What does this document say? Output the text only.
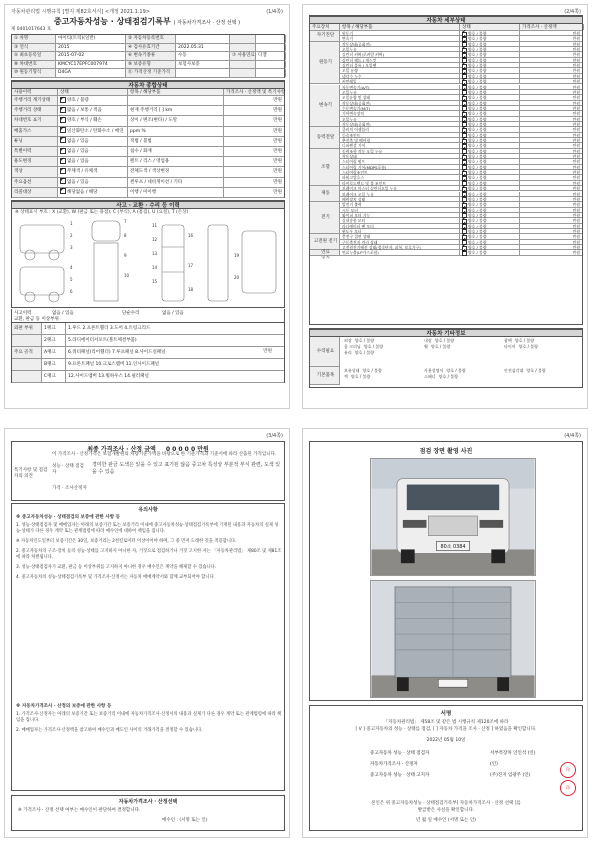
자동차관리법 시행규칙 [별지 제82호서식] <개정 2021.1.19>	(1/4쪽)
중고자동차성능 · 상태점검기록부 ( 자동차가격조사 · 산정 선택 )
제 0401017643 호
① 차명	마이티(트럭)(일반)	② 자동차등록번호
③ 연식	2015	④ 검사유효기간	2022.05.31
⑤ 최초등록일	2015-07-02	⑥ 변속기종류	수동	⑦ 사용연료 디젤
⑧ 차대번호	KMCYC17EPFC007974	⑨ 보증유형	보험사보증
⑩ 원동기형식	D4GA	⑪ 가격산정 기준가격
자동차 종합상태
사용이력	상태	항목 / 해당부품	가격조사 · 산정액 및 특기사항
주행거리 계기상태 ✔	양호 / 불량	만원
주행거리 상태 ✔	많음 / 보통 / 적음	현재 주행거리 [ ] km	만원
차대번호 표기 ✔	양호 / 부식 / 훼손	상이 / 변조(변타) / 도말	만원
배출가스 ✔	일산화탄소 / 탄화수소 / 매연	ppm %	만원
튜닝 ✔	없음 / 있음	적법 / 불법	만원
특별이력 ✔	없음 / 있음	침수 / 화재	만원
용도변경 ✔	없음 / 있음	렌트 / 리스 / 영업용	만원
색상 ✔	무채색 / 유채색	전체도색 / 색상변경	만원
주요옵션 ✔	없음 / 있음	썬루프 / 네비게이션 / 기타	만원
리콜대상 ✔	해당없음 / 해당	이행 / 미이행	만원
사고 · 교환 · 수리 등 이력
※ 상태표시 부호 : X (교환), W (판금 또는 용접), C (부식), A (흠집), U (요철), T (손상)
1
2
3
4
5
6
7
8
9
10
11
12
13
14
15
16
17
18
19
20
사고이력	없음 / 있음	단순수리	없음 / 있음
교환, 판금 등 이상부위
외판 부위	1랭크	1.후드 2.프론트휀더 3.도어 4.트렁크리드
2랭크	5.라디에이터서포트(볼트체결부품)
주요 골격	A랭크	6.쿼터패널(리어휀더) 7.루프패널 8.사이드실패널
B랭크	9.프론트패널 10.크로스멤버 11.인사이드패널
C랭크	12.사이드멤버 13.휠하우스 14.필러패널
만원
(2/4쪽)
자동차 세부상태
주요장치	항목 / 해당부품	상태	가격조사 · 산정액
자기진단	원동기 ✔	양호 / 불량	만원
변속기 ✔	양호 / 불량	만원
원동기
작동상태(공회전) ✔	양호 / 불량	만원
오일누유 ✔	양호 / 불량	만원
실린더 커버(로커암 커버) ✔	양호 / 불량	만원
실린더 헤드 / 개스킷 ✔	양호 / 불량	만원
실린더 블록 / 오일팬 ✔	양호 / 불량	만원
오일 유량 ✔	양호 / 불량	만원
냉각수 누수 ✔	양호 / 불량	만원
커먼레일 ✔	양호 / 불량	만원
변속기
자동변속기(A/T) ✔	양호 / 불량	만원
오일누유 ✔	양호 / 불량	만원
오일유량 및 상태 ✔	양호 / 불량	만원
작동상태(공회전) ✔	양호 / 불량	만원
수동변속기(M/T) ✔	양호 / 불량	만원
기어변속장치 ✔	양호 / 불량	만원
오일누유 ✔	양호 / 불량	만원
작동상태(공회전) ✔	양호 / 불량	만원
동력전달
클러치 어셈블리 ✔	양호 / 불량	만원
등속조인트 ✔	양호 / 불량	만원
추진축 및 베어링 ✔	양호 / 불량	만원
디퍼렌셜 기어 ✔	양호 / 불량	만원
조향
동력조향 작동 오일 누유 ✔	양호 / 불량	만원
작동상태 ✔	양호 / 불량	만원
스티어링 펌프 ✔	양호 / 불량	만원
스티어링 기어(MDPS포함) ✔	양호 / 불량	만원
스티어링조인트 ✔	양호 / 불량	만원
파워고압호스 ✔	양호 / 불량	만원
타이로드엔드 및 볼 조인트 ✔	양호 / 불량	만원
제동
브레이크 마스터 실린더오일 누유 ✔	양호 / 불량	만원
브레이크 오일 누유 ✔	양호 / 불량	만원
배력장치 상태 ✔	양호 / 불량	만원
전기
발전기 출력 ✔	양호 / 불량	만원
시동 모터 ✔	양호 / 불량	만원
와이퍼 모터 기능 ✔	양호 / 불량	만원
실내송풍 모터 ✔	양호 / 불량	만원
라디에이터 팬 모터 ✔	양호 / 불량	만원
윈도우 모터 ✔	양호 / 불량	만원
고전원 전기장치
충전구 절연 상태 ✔	양호 / 불량	만원
구동축전지 격리 상태 ✔	양호 / 불량	만원
고전원전기배선 상태(접속단자, 피복, 보호기구) ✔	양호 / 불량	만원
연료	연료누출(LP가스포함) ✔	양호 / 불량	만원
자동차 기타정보
수리필요
외장 양호 / 불량	내장 양호 / 불량	광택 양호 / 불량
룸 크리닝 양호 / 불량	휠 양호 / 불량	타이어 양호 / 불량
유리 양호 / 불량
기본품목
보유상태 양호 / 불량	사용설명서 양호 / 불량	안전삼각대 양호 / 불량
잭 양호 / 불량	스패너 양호 / 불량
(3/4쪽)
최종 가격조사 · 산정 금액 0 0 0 0 0 만원
이 가격조사 · 산정가격은 보험개발원의 차량기준가액을 바탕으로 한 기준가격과 기준서에 따라 산출된 가격입니다.
특기사항 및 점검자의 의견
성능 · 상태 점검자
경미한 판금 도색은 있을 수 있고 표기된 않음 중고차 특성상 부분적 부식 관련, 도색 있을 수 있음
가격 · 조사산정자
유의사항
※ 중고자동차성능 · 상태점검의 보증에 관한 사항 등
1. 성능·상태점검자 및 매매업자는 아래의 보증기간 또는 보증거리 이내에 중고자동차성능·상태점검기록부에 기재된 내용과 자동차의 실제 성능·상태가 다른 경우 계약 또는 관계법령에 따라 매수인에 대하여 책임을 집니다.
※ 자동차인도일부터 보증기간은 30일, 보증거리는 2천킬로미터 이상이어야 하며, 그 중 먼저 도래한 것을 적용합니다.
2. 중고자동차의 구조·장치 등의 성능·상태를 고지하지 아니한 자, 거짓으로 점검하거나 거짓 고지한 자는 「자동차관리법」 제80조 및 제81조에 따라 처벌됩니다.
3. 성능·상태점검자가 교환, 판금 등 이상부위를 고지하지 아니한 경우 매수인은 계약을 해제할 수 있습니다.
4. 중고자동차의 성능·상태점검기록부 및 가격조사·산정서는 자동차 매매계약서와 함께 교부되어야 합니다.
※ 자동차가격조사 · 산정의 보증에 관한 사항 등
1. 가격조사·산정자는 아래의 보증기간 또는 보증거리 이내에 자동차가격조사·산정서의 내용과 실제가 다른 경우 계약 또는 관계법령에 따라 책임을 집니다.
2. 매매업자는 가격조사·산정액을 참고하여 매수인과 매도인 사이의 거래가격을 결정할 수 있습니다.
자동차가격조사 · 산정선택
※ 가격조사 · 산정 선택 여부는 매수인이 판단하여 결정합니다.
매수인 : (서명 또는 인)
(4/4쪽)
점검 장면 촬영 사진
80소 0384
서명
「자동차관리법」 제58조 및 같은 법 시행규칙 제120조에 따라
[ V ] 중고자동차의 성능 · 상태를 점검, [ ] 자동차 가격을 조사 · 산정 ] 하였음을 확인합니다.
2022년 05월 10일
중고자동차 성능 · 상태 점검자	서부특장차 인인석 (인)
자동차가격조사 · 산정자	(인)
중고자동차 성능 · 상태 고지자	(주)진지 임광주 (인)
印
印
본인은 위 중고자동차성능 · 상태점검기록부[ 자동차가격조사 · 산정 선택 ]를
발급받은 사실을 확인합니다.
년 월 일 매수인 (서명 또는 인)
